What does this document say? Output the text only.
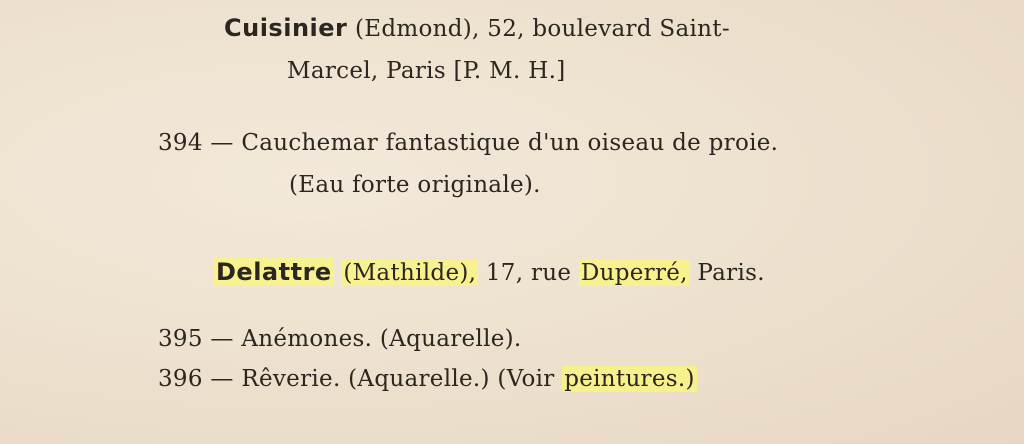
Cuisinier (Edmond), 52, boulevard Saint-
Marcel, Paris [P. M. H.]
394 — Cauchemar fantastique d'un oiseau de proie.
(Eau forte originale).
Delattre (Mathilde), 17, rue Duperré, Paris.
395 — Anémones. (Aquarelle).
396 — Rêverie. (Aquarelle.) (Voir peintures.)
